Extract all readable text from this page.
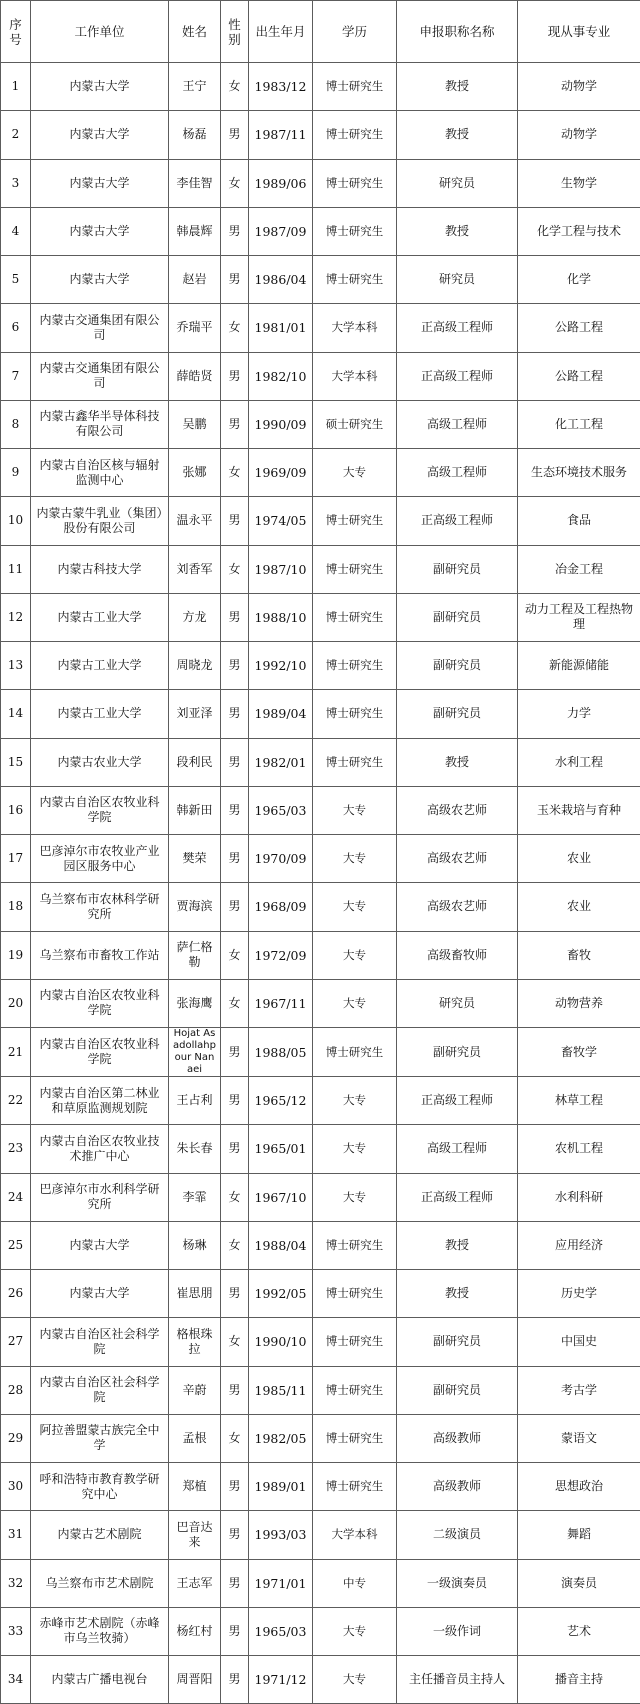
序号	工作单位	姓名	性别	出生年月	学历	申报职称名称	现从事专业
1	内蒙古大学	王宁	女	1983/12	博士研究生	教授	动物学
2	内蒙古大学	杨磊	男	1987/11	博士研究生	教授	动物学
3	内蒙古大学	李佳智	女	1989/06	博士研究生	研究员	生物学
4	内蒙古大学	韩晨辉	男	1987/09	博士研究生	教授	化学工程与技术
5	内蒙古大学	赵岩	男	1986/04	博士研究生	研究员	化学
6	内蒙古交通集团有限公司	乔瑞平	女	1981/01	大学本科	正高级工程师	公路工程
7	内蒙古交通集团有限公司	薛皓贤	男	1982/10	大学本科	正高级工程师	公路工程
8	内蒙古鑫华半导体科技有限公司	吴鹏	男	1990/09	硕士研究生	高级工程师	化工工程
9	内蒙古自治区核与辐射监测中心	张娜	女	1969/09	大专	高级工程师	生态环境技术服务
10	内蒙古蒙牛乳业（集团）股份有限公司	温永平	男	1974/05	博士研究生	正高级工程师	食品
11	内蒙古科技大学	刘香军	女	1987/10	博士研究生	副研究员	冶金工程
12	内蒙古工业大学	方龙	男	1988/10	博士研究生	副研究员	动力工程及工程热物理
13	内蒙古工业大学	周晓龙	男	1992/10	博士研究生	副研究员	新能源储能
14	内蒙古工业大学	刘亚泽	男	1989/04	博士研究生	副研究员	力学
15	内蒙古农业大学	段利民	男	1982/01	博士研究生	教授	水利工程
16	内蒙古自治区农牧业科学院	韩新田	男	1965/03	大专	高级农艺师	玉米栽培与育种
17	巴彦淖尔市农牧业产业园区服务中心	樊荣	男	1970/09	大专	高级农艺师	农业
18	乌兰察布市农林科学研究所	贾海滨	男	1968/09	大专	高级农艺师	农业
19	乌兰察布市畜牧工作站	萨仁格勒	女	1972/09	大专	高级畜牧师	畜牧
20	内蒙古自治区农牧业科学院	张海鹰	女	1967/11	大专	研究员	动物营养
21	内蒙古自治区农牧业科学院	Hojat Asadollahpour Nanaei	男	1988/05	博士研究生	副研究员	畜牧学
22	内蒙古自治区第二林业和草原监测规划院	王占利	男	1965/12	大专	正高级工程师	林草工程
23	内蒙古自治区农牧业技术推广中心	朱长春	男	1965/01	大专	高级工程师	农机工程
24	巴彦淖尔市水利科学研究所	李霏	女	1967/10	大专	正高级工程师	水利科研
25	内蒙古大学	杨琳	女	1988/04	博士研究生	教授	应用经济
26	内蒙古大学	崔思朋	男	1992/05	博士研究生	教授	历史学
27	内蒙古自治区社会科学院	格根珠拉	女	1990/10	博士研究生	副研究员	中国史
28	内蒙古自治区社会科学院	辛蔚	男	1985/11	博士研究生	副研究员	考古学
29	阿拉善盟蒙古族完全中学	孟根	女	1982/05	博士研究生	高级教师	蒙语文
30	呼和浩特市教育教学研究中心	郑植	男	1989/01	博士研究生	高级教师	思想政治
31	内蒙古艺术剧院	巴音达来	男	1993/03	大学本科	二级演员	舞蹈
32	乌兰察布市艺术剧院	王志军	男	1971/01	中专	一级演奏员	演奏员
33	赤峰市艺术剧院（赤峰市乌兰牧骑）	杨红村	男	1965/03	大专	一级作词	艺术
34	内蒙古广播电视台	周晋阳	男	1971/12	大专	主任播音员主持人	播音主持
